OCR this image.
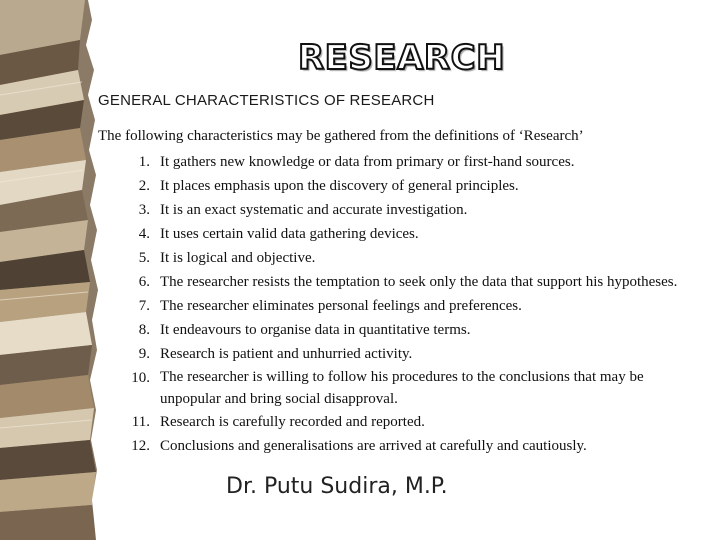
RESEARCH
GENERAL CHARACTERISTICS OF RESEARCH
The following characteristics may be gathered from the definitions of ‘Research’
1. It gathers new knowledge or data from primary or first-hand sources.
2. It places emphasis upon the discovery of general principles.
3. It is an exact systematic and accurate investigation.
4. It uses certain valid data gathering devices.
5. It is logical and objective.
6. The researcher resists the temptation to seek only the data that support his hypotheses.
7. The researcher eliminates personal feelings and preferences.
8. It endeavours to organise data in quantitative terms.
9. Research is patient and unhurried activity.
10. The researcher is willing to follow his procedures to the conclusions that may be unpopular and bring social disapproval.
11. Research is carefully recorded and reported.
12. Conclusions and generalisations are arrived at carefully and cautiously.
Dr. Putu Sudira, M.P.
